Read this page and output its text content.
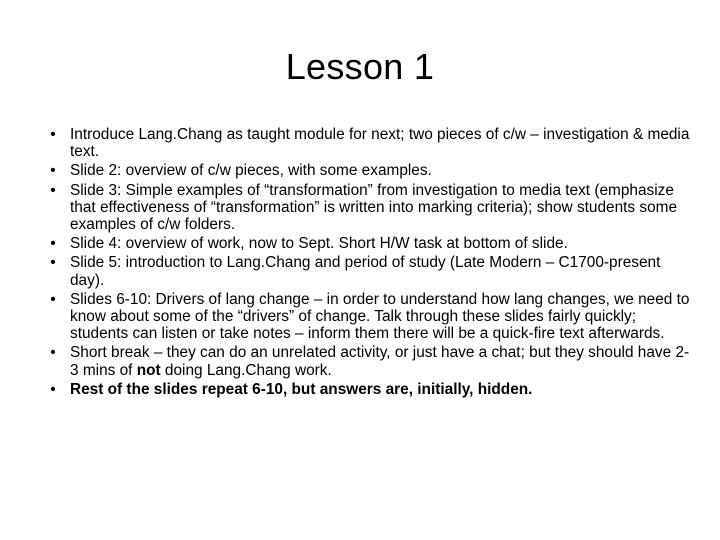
Lesson 1
• Introduce Lang.Chang as taught module for next; two pieces of c/w – investigation & media text.
• Slide 2: overview of c/w pieces, with some examples.
• Slide 3: Simple examples of “transformation” from investigation to media text (emphasize that effectiveness of “transformation” is written into marking criteria); show students some examples of c/w folders.
• Slide 4: overview of work, now to Sept. Short H/W task at bottom of slide.
• Slide 5: introduction to Lang.Chang and period of study (Late Modern – C1700-present day).
• Slides 6-10: Drivers of lang change – in order to understand how lang changes, we need to know about some of the “drivers” of change. Talk through these slides fairly quickly; students can listen or take notes – inform them there will be a quick-fire text afterwards.
• Short break – they can do an unrelated activity, or just have a chat; but they should have 2-3 mins of not doing Lang.Chang work.
• Rest of the slides repeat 6-10, but answers are, initially, hidden.
